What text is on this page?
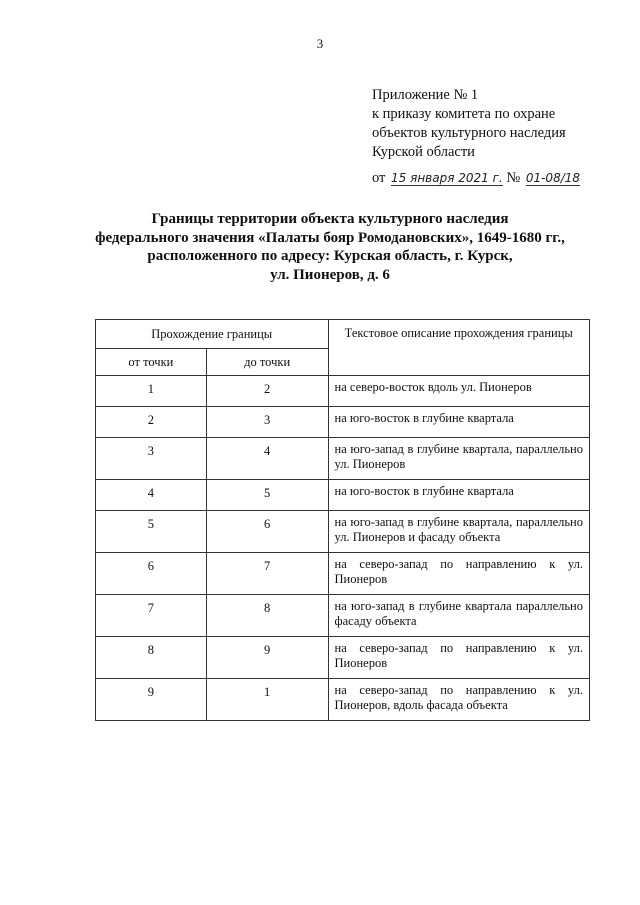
3
Приложение № 1
к приказу комитета по охране
объектов культурного наследия
Курской области
от 15 января 2021 г. № 01-08/18
Границы территории объекта культурного наследия
федерального значения «Палаты бояр Ромодановских», 1649-1680 гг.,
расположенного по адресу: Курская область, г. Курск,
ул. Пионеров, д. 6
Прохождение границы		Текстовое описание прохождения границы
от точки	до точки	
1	2	на северо-восток вдоль ул. Пионеров
2	3	на юго-восток в глубине квартала
3	4	на юго-запад в глубине квартала, параллельно ул. Пионеров
4	5	на юго-восток в глубине квартала
5	6	на юго-запад в глубине квартала, параллельно ул. Пионеров и фасаду объекта
6	7	на северо-запад по направлению к ул. Пионеров
7	8	на юго-запад в глубине квартала параллельно фасаду объекта
8	9	на северо-запад по направлению к ул. Пионеров
9	1	на северо-запад по направлению к ул. Пионеров, вдоль фасада объекта
